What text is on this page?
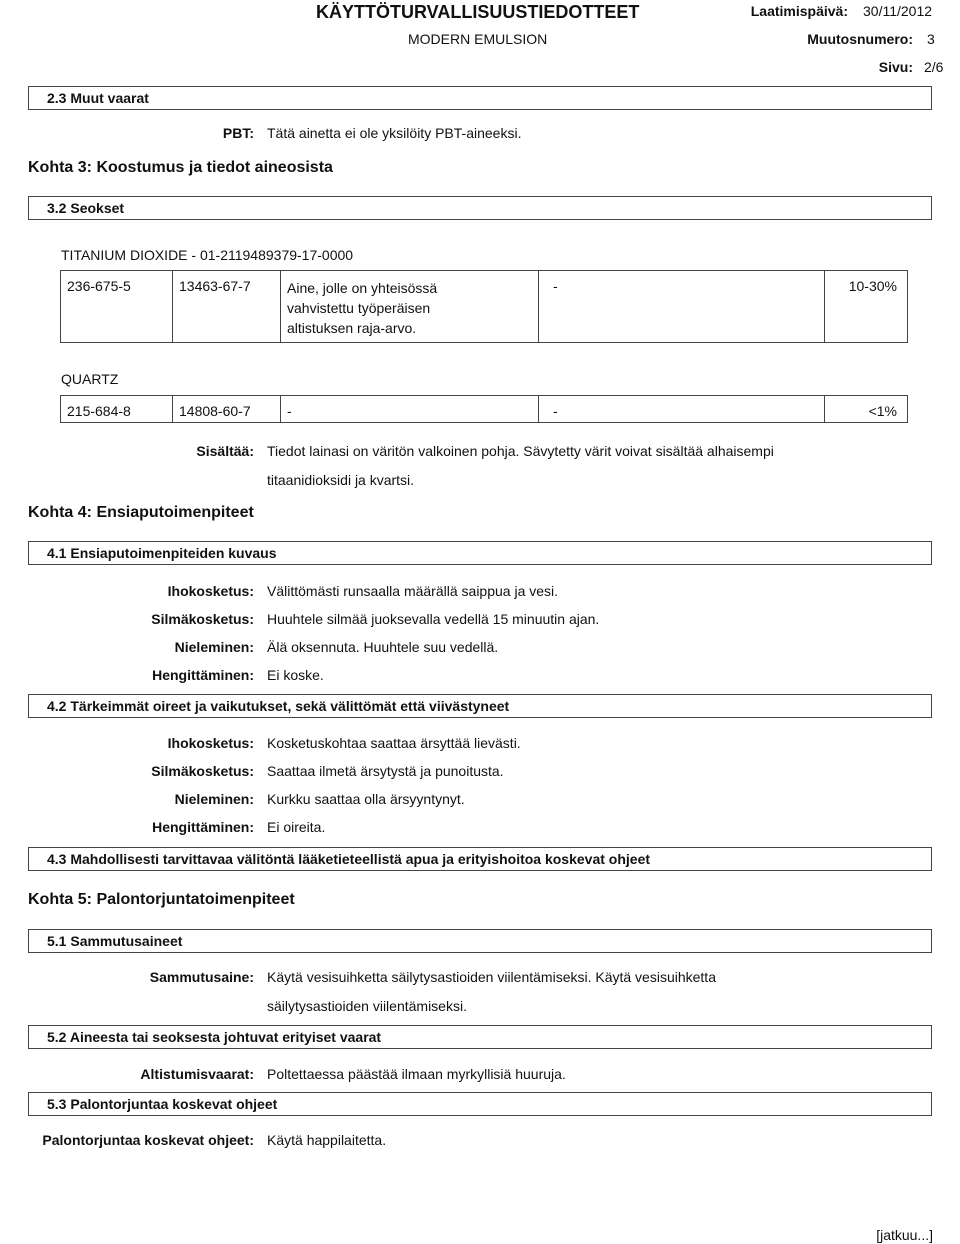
KÄYTTÖTURVALLISUUSTIEDOTTEET
MODERN EMULSION
Laatimispäivä: 30/11/2012
Muutosnumero: 3
Sivu: 2/6
2.3 Muut vaarat
PBT: Tätä ainetta ei ole yksilöity PBT-aineeksi.
Kohta 3: Koostumus ja tiedot aineosista
3.2 Seokset
TITANIUM DIOXIDE - 01-2119489379-17-0000
236-675-5	13463-67-7	Aine, jolle on yhteisössä
vahvistettu työperäisen
altistuksen raja-arvo.
-	10-30%
QUARTZ
215-684-8	14808-60-7	-	-	<1%
Sisältää: Tiedot lainasi on väritön valkoinen pohja. Sävytetty värit voivat sisältää alhaisempi
titaanidioksidi ja kvartsi.
Kohta 4: Ensiaputoimenpiteet
4.1 Ensiaputoimenpiteiden kuvaus
Ihokosketus: Välittömästi runsaalla määrällä saippua ja vesi.
Silmäkosketus: Huuhtele silmää juoksevalla vedellä 15 minuutin ajan.
Nieleminen: Älä oksennuta. Huuhtele suu vedellä.
Hengittäminen: Ei koske.
4.2 Tärkeimmät oireet ja vaikutukset, sekä välittömät että viivästyneet
Ihokosketus: Kosketuskohtaa saattaa ärsyttää lievästi.
Silmäkosketus: Saattaa ilmetä ärsytystä ja punoitusta.
Nieleminen: Kurkku saattaa olla ärsyyntynyt.
Hengittäminen: Ei oireita.
4.3 Mahdollisesti tarvittavaa välitöntä lääketieteellistä apua ja erityishoitoa koskevat ohjeet
Kohta 5: Palontorjuntatoimenpiteet
5.1 Sammutusaineet
Sammutusaine: Käytä vesisuihketta säilytysastioiden viilentämiseksi. Käytä vesisuihketta
säilytysastioiden viilentämiseksi.
5.2 Aineesta tai seoksesta johtuvat erityiset vaarat
Altistumisvaarat: Poltettaessa päästää ilmaan myrkyllisiä huuruja.
5.3 Palontorjuntaa koskevat ohjeet
Palontorjuntaa koskevat ohjeet: Käytä happilaitetta.
[jatkuu...]
